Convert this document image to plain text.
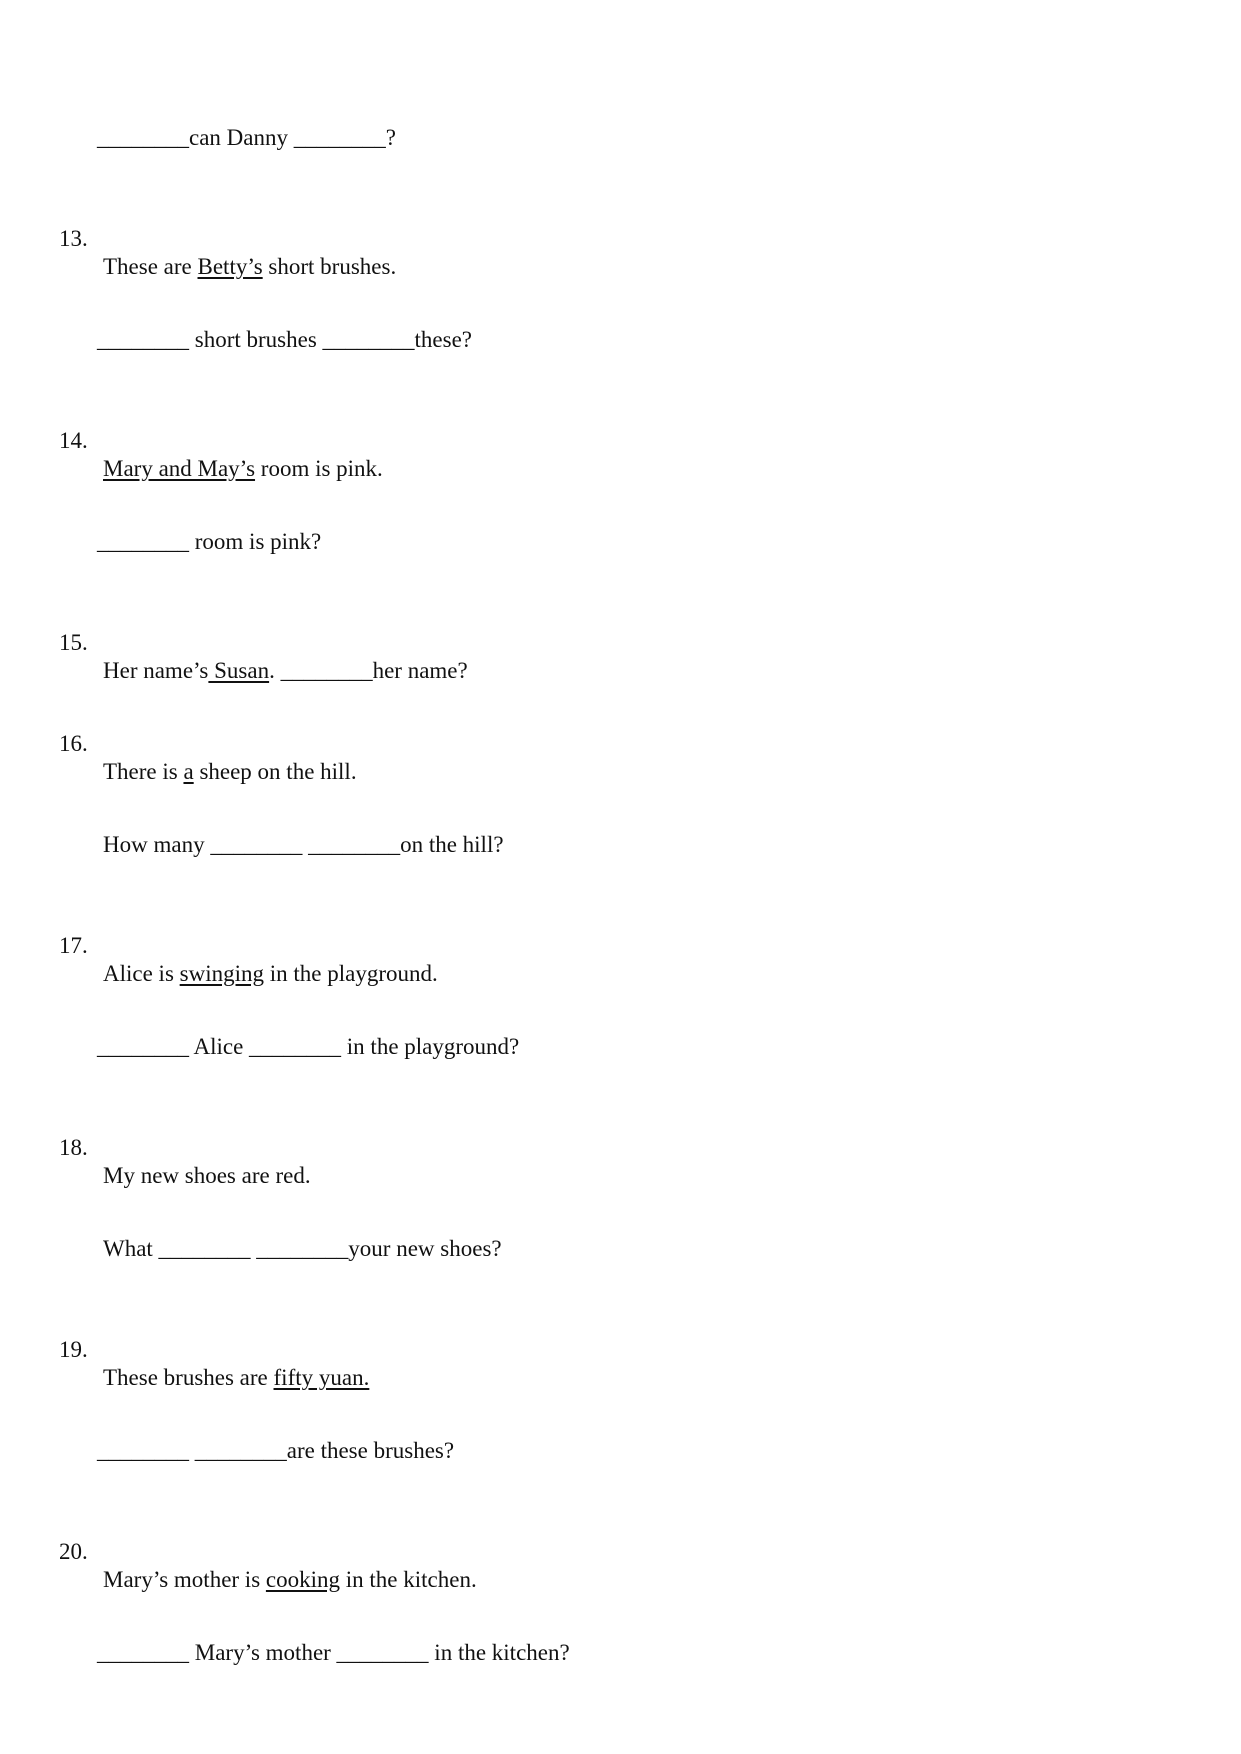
________can Danny ________?

13.

These are Betty’s short brushes.

________ short brushes ________these?

14.

Mary and May’s room is pink.

________ room is pink?

15.

Her name’s Susan. ________her name?

16.

There is a sheep on the hill.

How many ________ ________on the hill?

17.

Alice is swinging in the playground.

________ Alice ________ in the playground?

18.

My new shoes are red.

What ________ ________your new shoes?

19.

These brushes are fifty yuan.

________ ________are these brushes?

20.

Mary’s mother is cooking in the kitchen.

________ Mary’s mother ________ in the kitchen?
